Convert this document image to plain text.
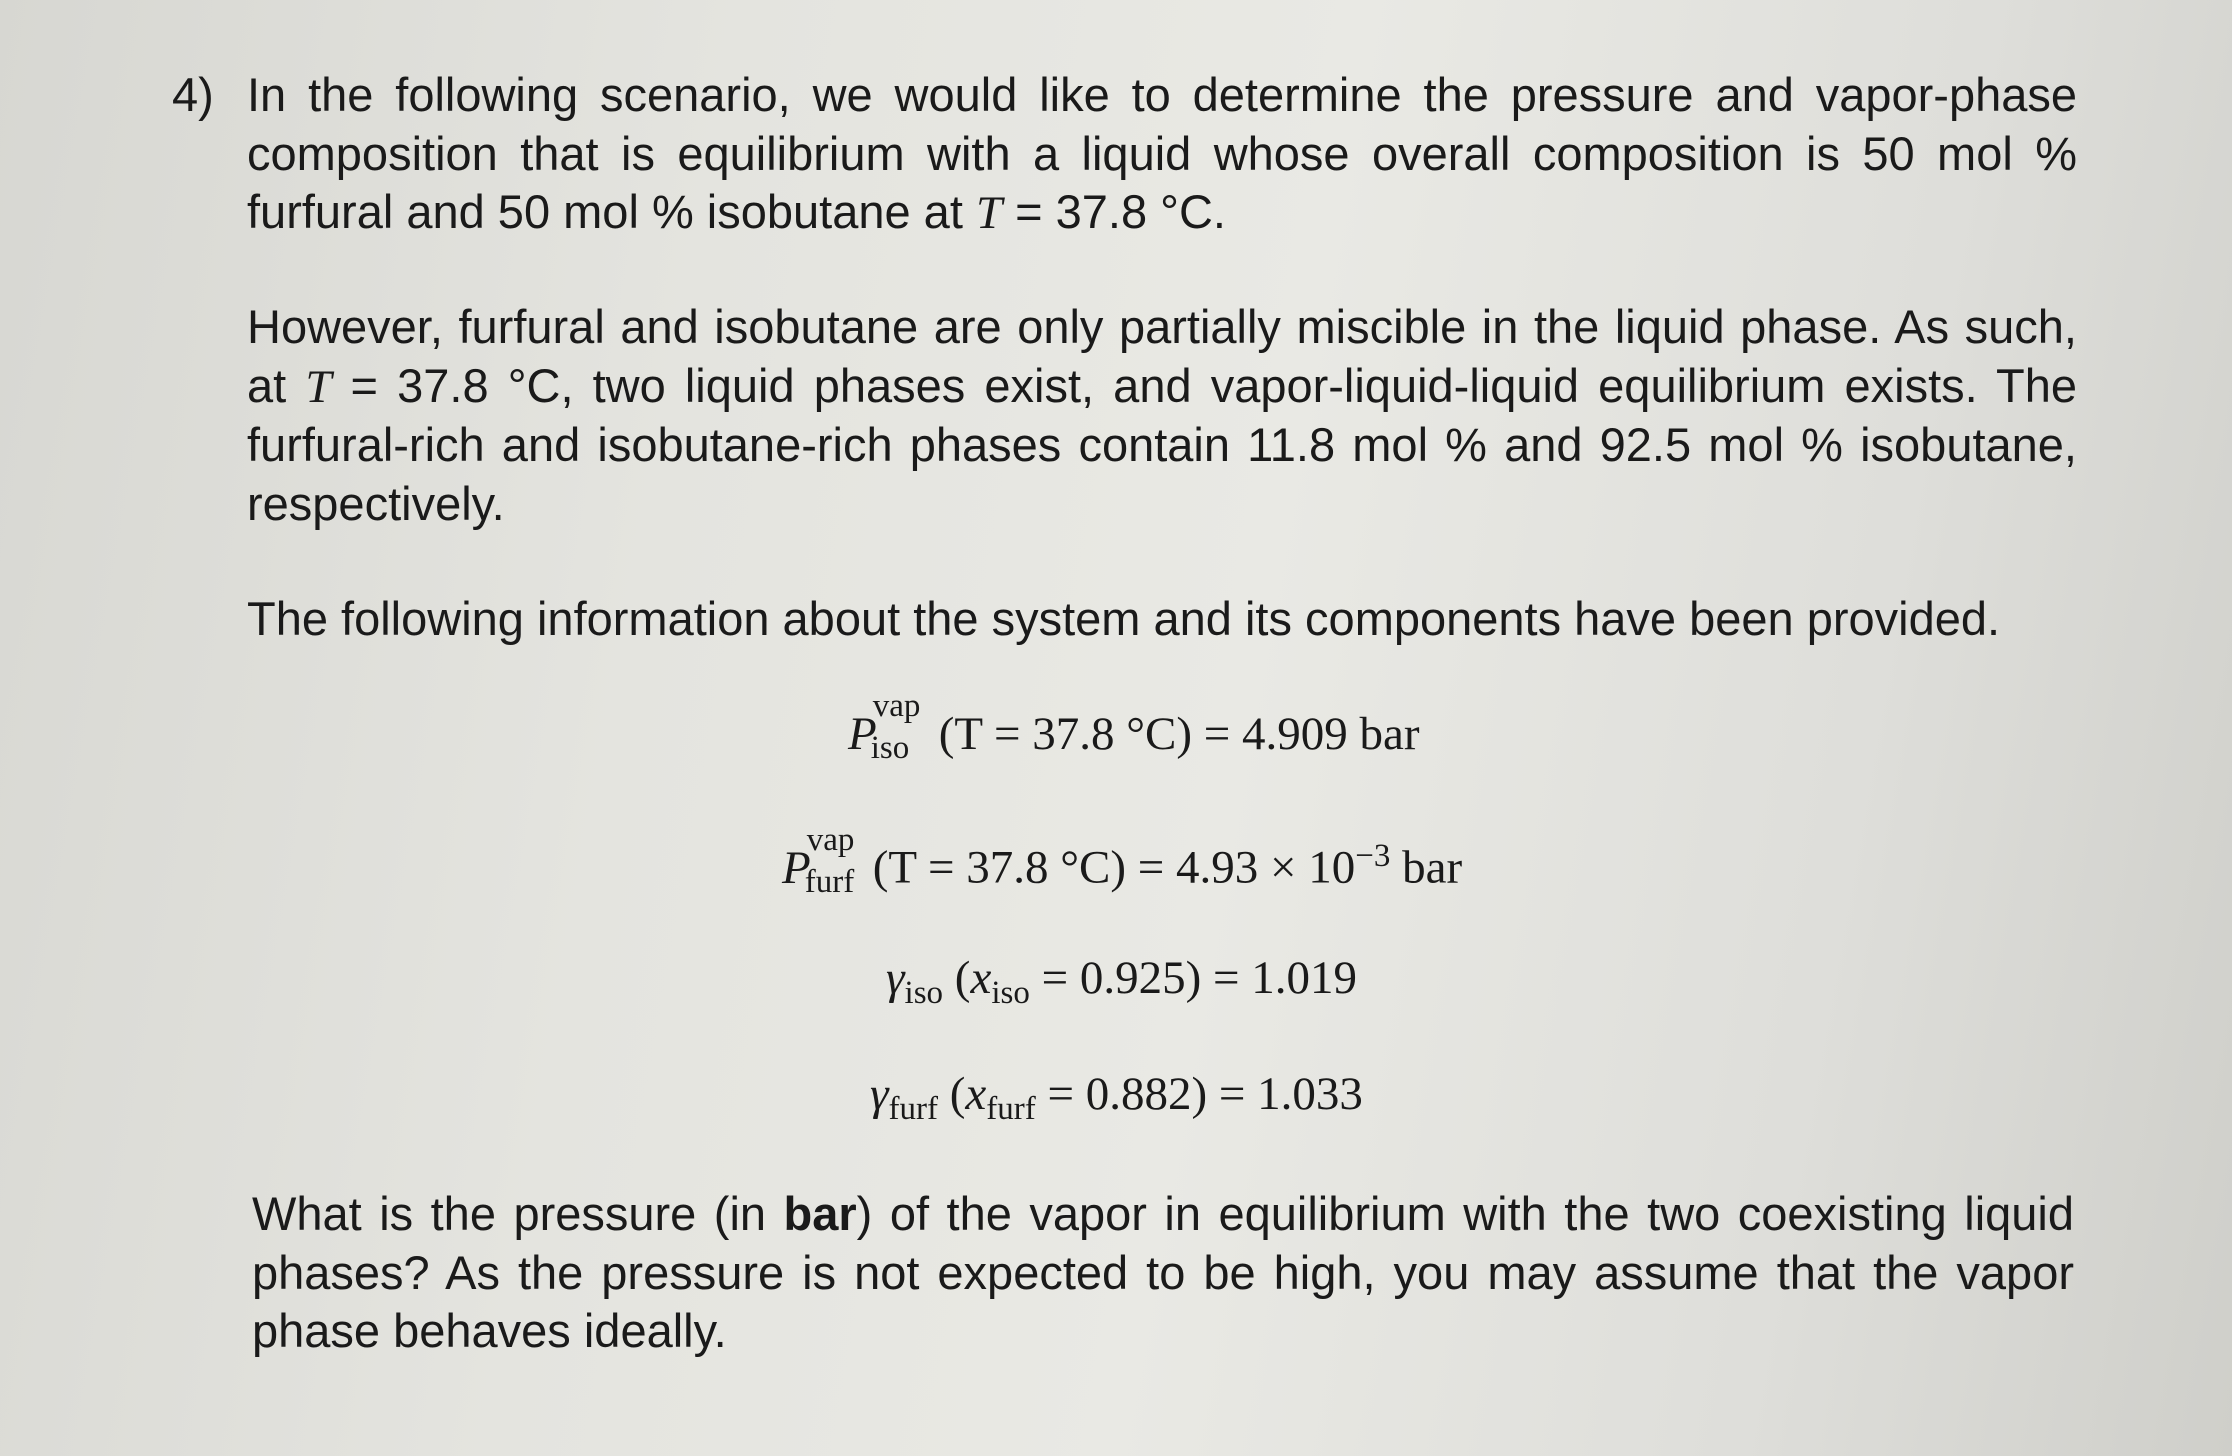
4) In the following scenario, we would like to determine the pressure and vapor-phase composition that is equilibrium with a liquid whose overall composition is 50 mol % furfural and 50 mol % isobutane at T = 37.8 °C.
However, furfural and isobutane are only partially miscible in the liquid phase. As such, at T = 37.8 °C, two liquid phases exist, and vapor-liquid-liquid equilibrium exists. The furfural-rich and isobutane-rich phases contain 11.8 mol % and 92.5 mol % isobutane, respectively.
The following information about the system and its components have been provided.
P
vap
iso (T = 37.8 °C) = 4.909 bar
P
vap
furf (T = 37.8 $^\circ C) = 4.93 \times 10^{-3}$ bar
$\gamma_{iso}$ $(x_{iso} = 0.925) = 1.019$
$\gamma_{furf}$ $(x_{furf} = 0.882) = 1.033$
What is the pressure (in bar) of the vapor in equilibrium with the two coexisting liquid phases? As the pressure is not expected to be high, you may assume that the vapor phase behaves ideally.
